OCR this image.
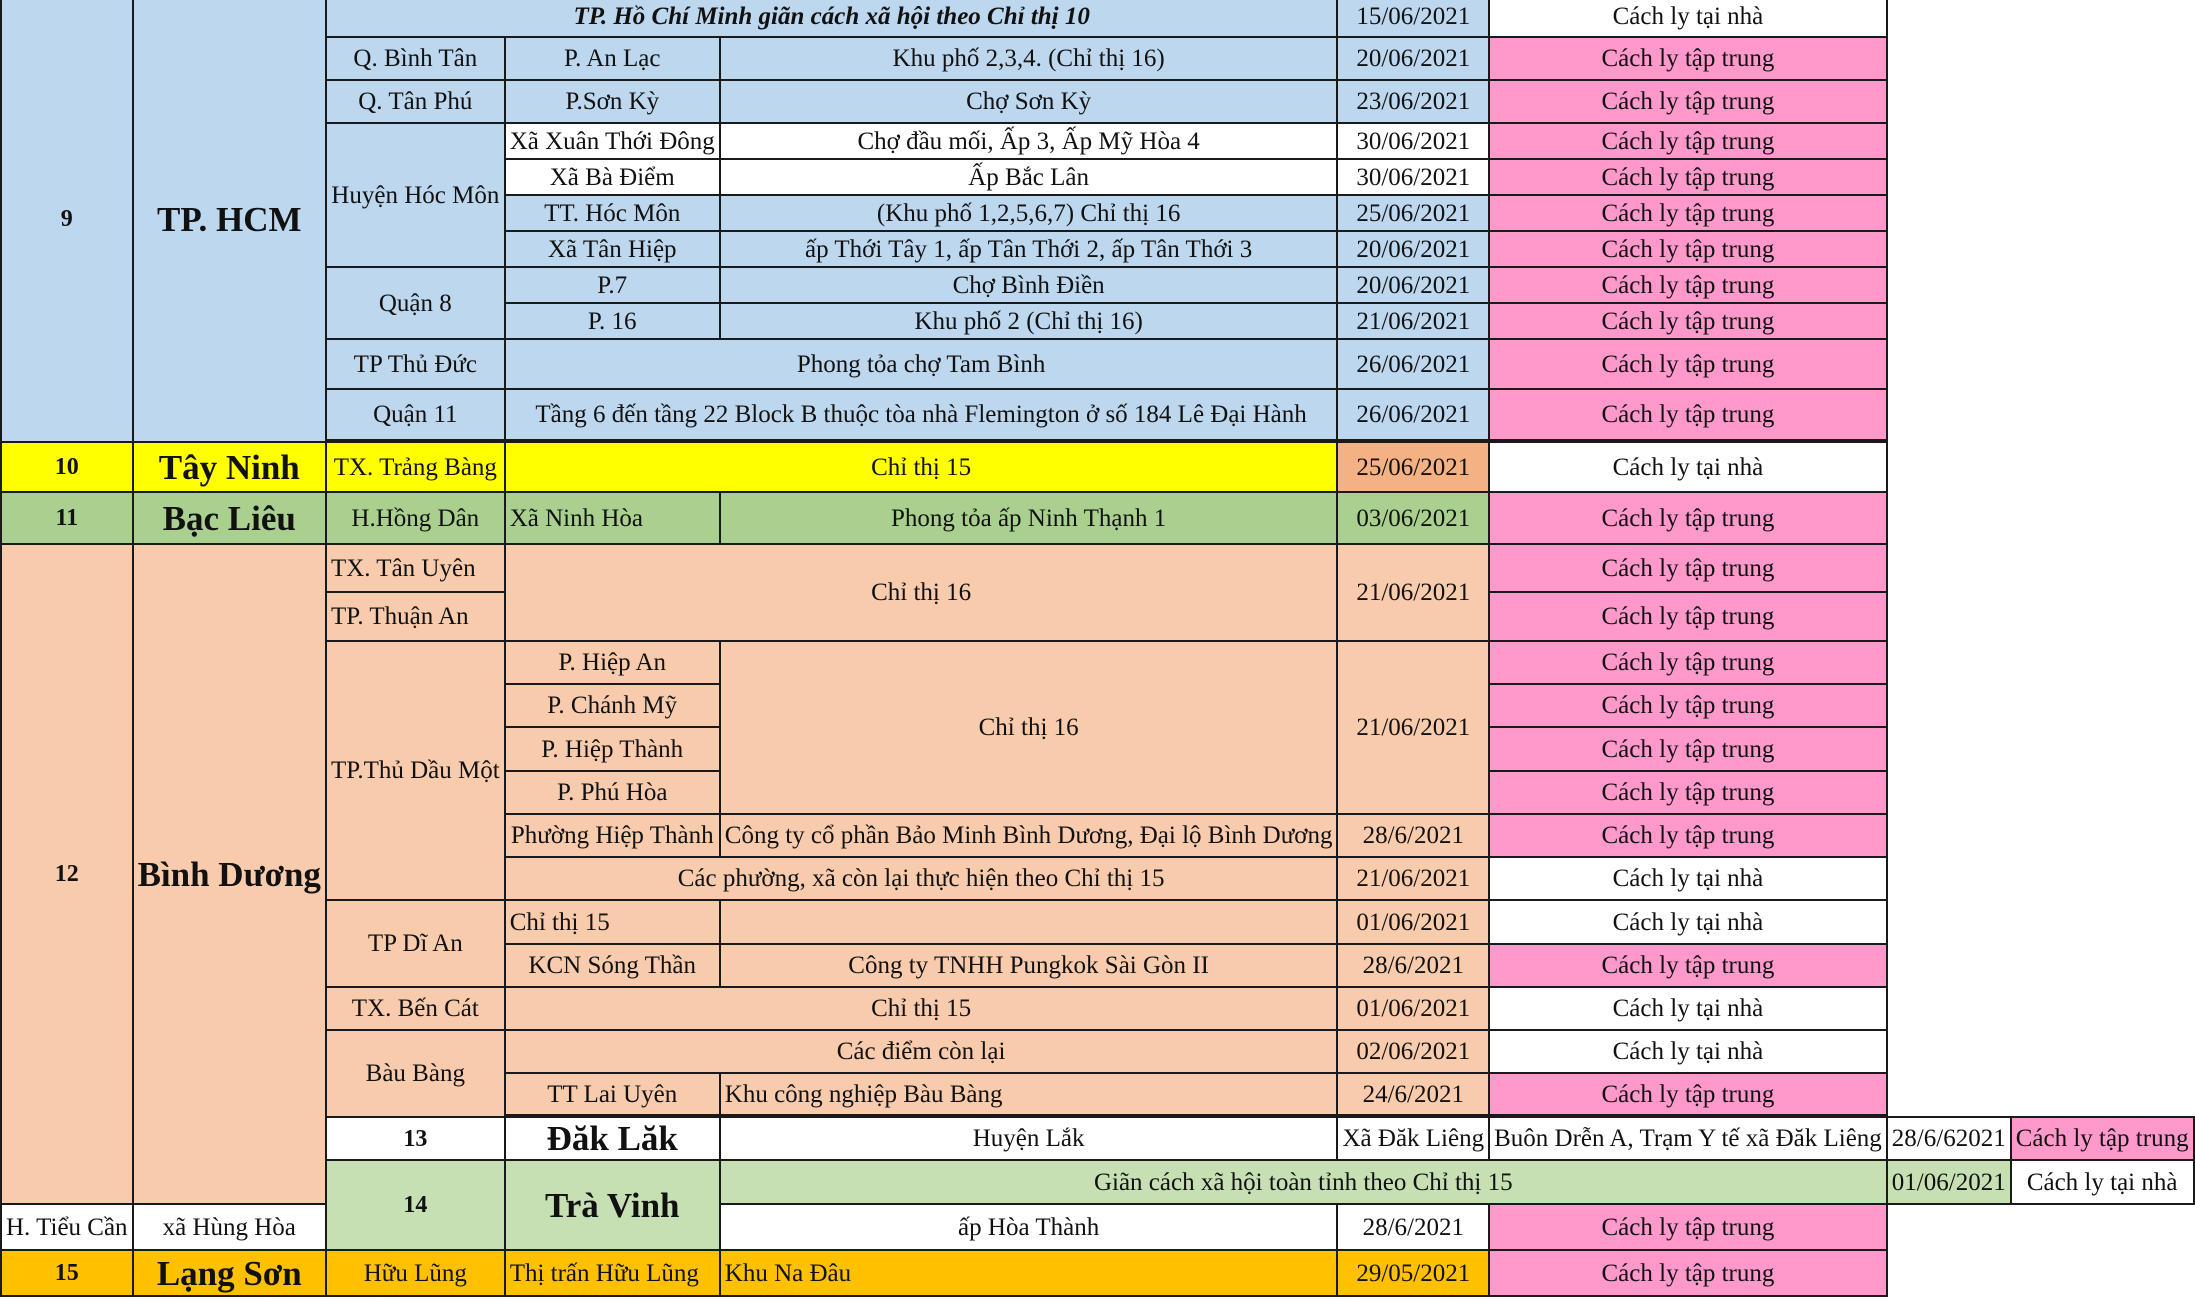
9	TP. HCM	TP. Hồ Chí Minh giãn cách xã hội theo Chỉ thị 10			15/06/2021	Cách ly tại nhà		
		Q. Bình Tân	P. An Lạc	Khu phố 2,3,4. (Chỉ thị 16)	20/06/2021	Cách ly tập trung		
		Q. Tân Phú	P.Sơn Kỳ	Chợ Sơn Kỳ	23/06/2021	Cách ly tập trung		
		Huyện Hóc Môn	Xã Xuân Thới Đông	Chợ đầu mối, Ấp 3, Ấp Mỹ Hòa 4	30/06/2021	Cách ly tập trung		
			Xã Bà Điểm	Ấp Bắc Lân	30/06/2021	Cách ly tập trung		
			TT. Hóc Môn	(Khu phố 1,2,5,6,7) Chỉ thị 16	25/06/2021	Cách ly tập trung		
			Xã Tân Hiệp	ấp Thới Tây 1, ấp Tân Thới 2, ấp Tân Thới 3	20/06/2021	Cách ly tập trung		
		Quận 8	P.7	Chợ Bình Điền	20/06/2021	Cách ly tập trung		
			P. 16	Khu phố 2 (Chỉ thị 16)	21/06/2021	Cách ly tập trung		
		TP Thủ Đức	Phong tỏa chợ Tam Bình		26/06/2021	Cách ly tập trung		
		Quận 11	Tầng 6 đến tầng 22 Block B thuộc tòa nhà Flemington ở số 184 Lê Đại Hành		26/06/2021	Cách ly tập trung		

10	Tây Ninh	TX. Trảng Bàng	Chỉ thị 15		25/06/2021	Cách ly tại nhà		
11	Bạc Liêu	H.Hồng Dân	Xã Ninh Hòa	Phong tỏa ấp Ninh Thạnh 1	03/06/2021	Cách ly tập trung		
12	Bình Dương	TX. Tân Uyên	Chỉ thị 16		21/06/2021	Cách ly tập trung		
		TP. Thuận An				Cách ly tập trung		
		TP.Thủ Dầu Một	P. Hiệp An	Chỉ thị 16	21/06/2021	Cách ly tập trung		
			P. Chánh Mỹ			Cách ly tập trung		
			P. Hiệp Thành			Cách ly tập trung		
			P. Phú Hòa			Cách ly tập trung		
			Phường Hiệp Thành	Công ty cổ phần Bảo Minh Bình Dương, Đại lộ Bình Dương	28/6/2021	Cách ly tập trung		
			Các phường, xã còn lại thực hiện theo Chỉ thị 15		21/06/2021	Cách ly tại nhà		
		TP Dĩ An	Chỉ thị 15		01/06/2021	Cách ly tại nhà		
			KCN Sóng Thần	Công ty TNHH Pungkok Sài Gòn II	28/6/2021	Cách ly tập trung		
		TX. Bến Cát	Chỉ thị 15		01/06/2021	Cách ly tại nhà		
		Bàu Bàng	Các điểm còn lại		02/06/2021	Cách ly tại nhà		
			TT Lai Uyên	Khu công nghiệp Bàu Bàng	24/6/2021	Cách ly tập trung		

		13	Đăk Lăk	Huyện Lắk	Xã Đăk Liêng	Buôn Drễn A, Trạm Y tế xã Đăk Liêng	28/6/62021	Cách ly tập trung
		14	Trà Vinh	Giãn cách xã hội toàn tỉnh theo Chỉ thị 15			01/06/2021	Cách ly tại nhà
H. Tiểu Cần	xã Hùng Hòa			ấp Hòa Thành	28/6/2021	Cách ly tập trung		
15	Lạng Sơn	Hữu Lũng	Thị trấn Hữu Lũng	Khu Na Đâu	29/05/2021	Cách ly tập trung		
